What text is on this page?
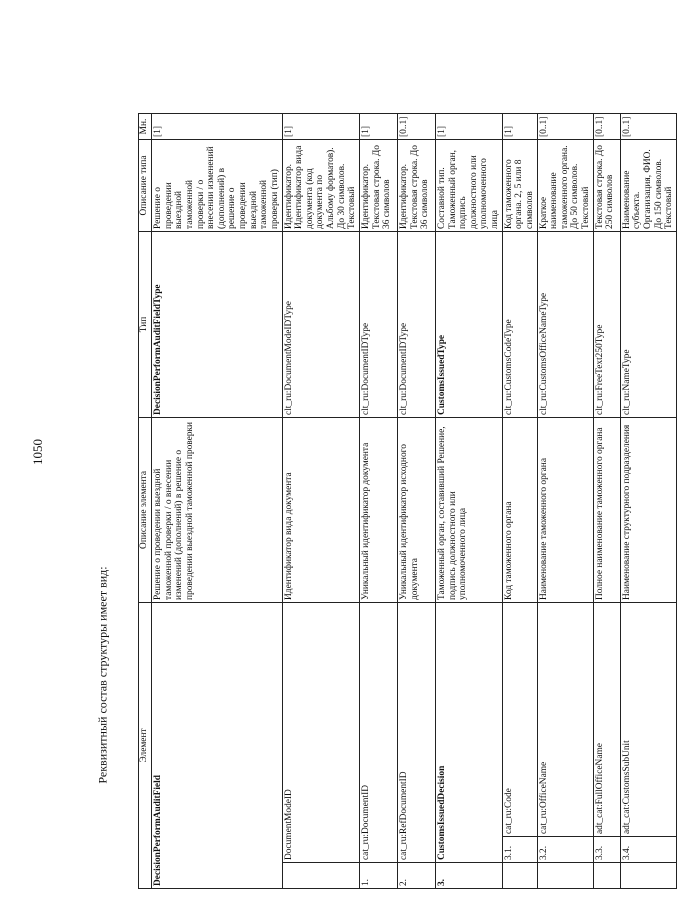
1050
Реквизитный состав структуры имеет вид:	Элемент			Описание элемента	Тип	Описание типа	Мн.
DecisionPerformAuditField			Решение о проведении выездной таможенной проверки / о внесении изменений (дополнений) в решение о проведении выездной таможенной проверки	DecisionPerformAuditFieldType	Решение о проведении выездной таможенной проверки / о внесении изменений (дополнений) в решение о проведении выездной таможенной проверки (тип)	[1]
	DocumentModeID		Идентификатор вида документа	clt_ru:DocumentModeIDType	Идентификатор. Идентификатор вида документа (код документа по Альбому форматов). До 30 символов. Текстовый	[1]
1.	cat_ru:DocumentID		Уникальный идентификатор документа	clt_ru:DocumentIDType	Идентификатор. Текстовая строка. До 36 символов	[1]
2.	cat_ru:RefDocumentID		Уникальный идентификатор исходного документа	clt_ru:DocumentIDType	Идентификатор. Текстовая строка. До 36 символов	[0..1]
3.	CustomsIssuedDecision		Таможенный орган, составивший Решение, подпись должностного или уполномоченного лица	CustomsIssuedType	Составной тип. Таможенный орган, подпись должностного или уполномоченного лица	[1]
	3.1.	cat_ru:Code	Код таможенного органа	clt_ru:CustomsCodeType	Код таможенного органа. 2, 5 или 8 символов	[1]
	3.2.	cat_ru:OfficeName	Наименование таможенного органа	clt_ru:CustomsOfficeNameType	Краткое наименование таможенного органа. До 50 символов. Текстовый	[0..1]
	3.3.	adt_cat:FullOfficeName	Полное наименование таможенного органа	clt_ru:FreeText250Type	Текстовая строка. До 250 символов	[0..1]
	3.4.	adt_cat:CustomsSubUnit	Наименование структурного подразделения	clt_ru:NameType	Наименование субъекта. Организация, ФИО. До 150 символов. Текстовый	[0..1]
